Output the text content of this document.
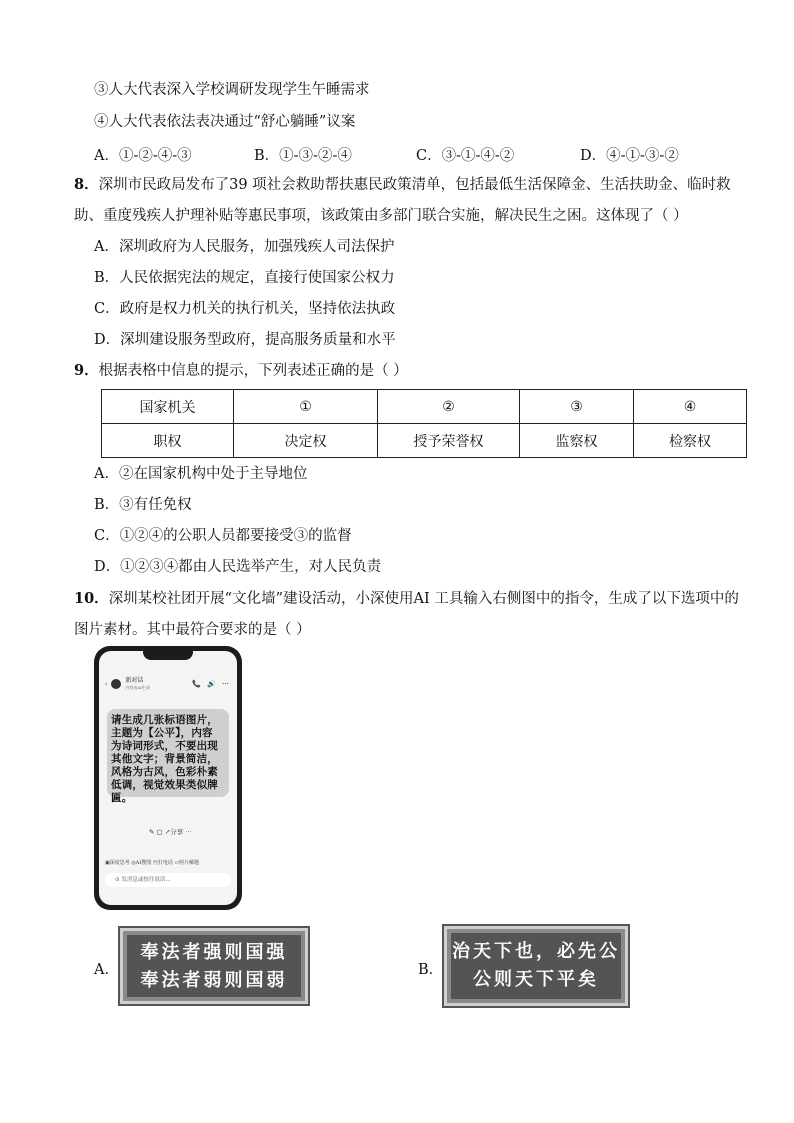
③人大代表深入学校调研发现学生午睡需求
④人大代表依法表决通过“舒心躺睡”议案
A．①-②-④-③	B．①-③-②-④	C．③-①-④-②	D．④-①-③-②
8．深圳市民政局发布了39 项社会救助帮扶惠民政策清单，包括最低生活保障金、生活扶助金、临时救
助、重度残疾人护理补贴等惠民事项，该政策由多部门联合实施，解决民生之困。这体现了（ ）
A．深圳政府为人民服务，加强残疾人司法保护
B．人民依据宪法的规定，直接行使国家公权力
C．政府是权力机关的执行机关，坚持依法执政
D．深圳建设服务型政府，提高服务质量和水平
9．根据表格中信息的提示，下列表述正确的是（ ）
国家机关	①	②	③	④
职权	决定权	授予荣誉权	监察权	检察权
A．②在国家机构中处于主导地位
B．③有任免权
C．①②④的公职人员都要接受③的监督
D．①②③④都由人民选举产生，对人民负责
10．深圳某校社团开展“文化墙”建设活动，小深使用AI 工具输入右侧图中的指令，生成了以下选项中的
图片素材。其中最符合要求的是（ ）
‹	新对话
内容由AI生成	📞 🔊 ⋯
请生成几张标语图片，
主题为【公平】，内容
为诗词形式，不要出现
其他文字；背景简洁，
风格为古风，色彩朴素
低调，视觉效果类似牌
匾。
✎ ▢ ↗分享 ⋯
▣深度思考 ◎AI搜图 ☏打电话 ▭照片解题
⊙ 发消息或按住说话...
A．
奉法者强则国强
奉法者弱则国弱	B．
治天下也，必先公
公则天下平矣
